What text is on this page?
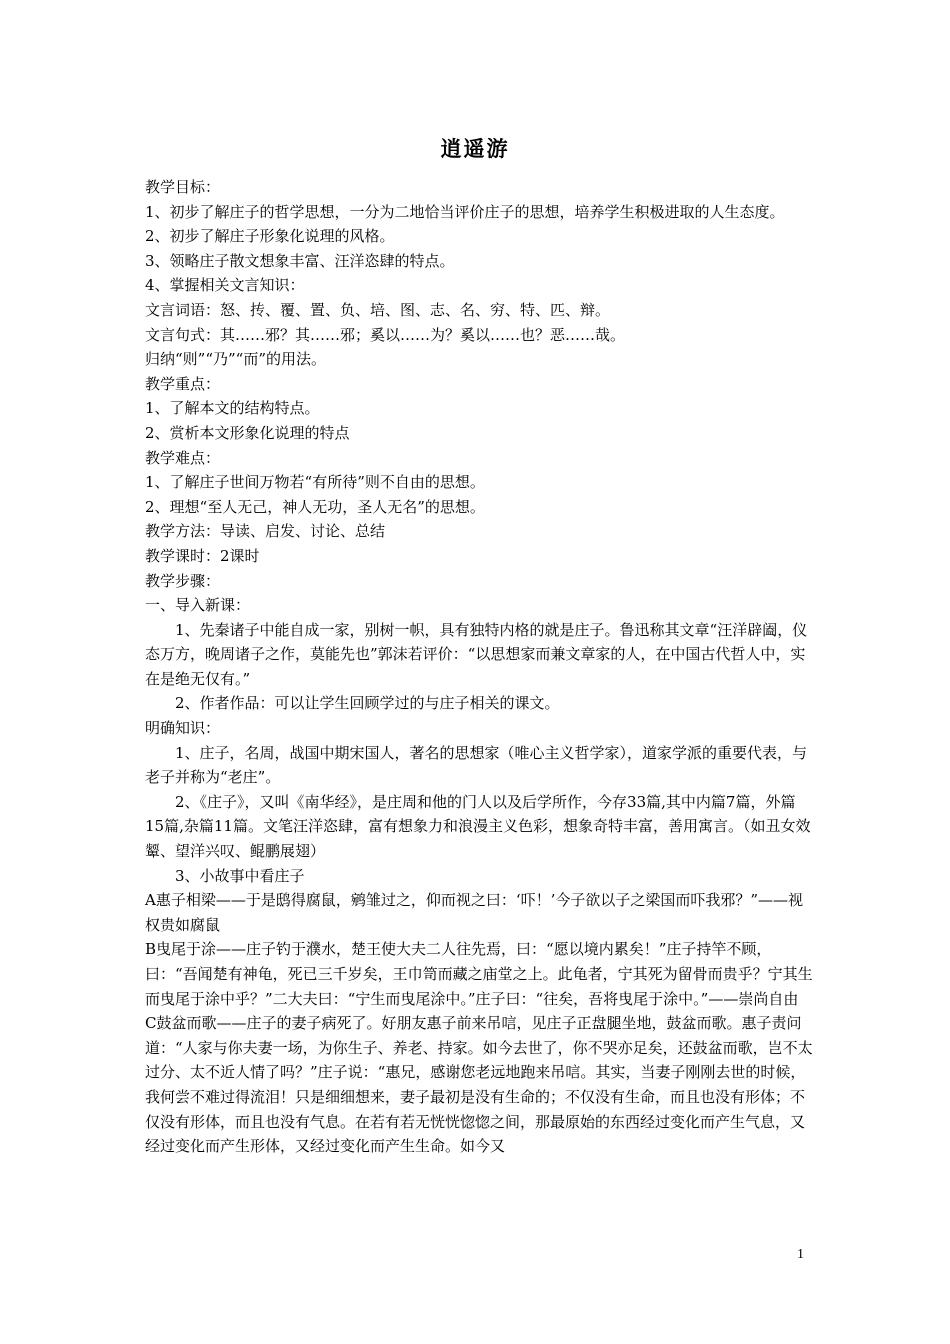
逍遥游

教学目标：

1、初步了解庄子的哲学思想，一分为二地恰当评价庄子的思想，培养学生积极进取的人生态度。

2、初步了解庄子形象化说理的风格。

3、领略庄子散文想象丰富、汪洋恣肆的特点。

4、掌握相关文言知识：

文言词语：怒、抟、覆、置、负、培、图、志、名、穷、特、匹、辩。

文言句式：其……邪？其……邪；奚以……为？奚以……也？恶……哉。

归纳“则”“乃”“而”的用法。

教学重点：

1、了解本文的结构特点。

2、赏析本文形象化说理的特点

教学难点：

1、了解庄子世间万物若“有所待”则不自由的思想。

2、理想“至人无己，神人无功，圣人无名”的思想。

教学方法：导读、启发、讨论、总结

教学课时：2课时

教学步骤：

一、导入新课：

1、先秦诸子中能自成一家，别树一帜，具有独特内格的就是庄子。鲁迅称其文章“汪洋辟阖，仪态万方，晚周诸子之作，莫能先也”郭沫若评价：“以思想家而兼文章家的人，在中国古代哲人中，实在是绝无仅有。”

2、作者作品：可以让学生回顾学过的与庄子相关的课文。

明确知识：

1、庄子，名周，战国中期宋国人，著名的思想家（唯心主义哲学家），道家学派的重要代表，与老子并称为“老庄”。

2、《庄子》，又叫《南华经》，是庄周和他的门人以及后学所作，今存33篇,其中内篇7篇，外篇15篇,杂篇11篇。文笔汪洋恣肆，富有想象力和浪漫主义色彩，想象奇特丰富，善用寓言。（如丑女效颦、望洋兴叹、鲲鹏展翅）

3、小故事中看庄子

A惠子相梁——于是鸱得腐鼠，鹓雏过之，仰而视之曰：‘吓！’今子欲以子之梁国而吓我邪？”——视权贵如腐鼠

B曳尾于涂——庄子钓于濮水，楚王使大夫二人往先焉，曰：“愿以境内累矣！”庄子持竿不顾，曰：“吾闻楚有神龟，死已三千岁矣，王巾笥而藏之庙堂之上。此龟者，宁其死为留骨而贵乎？宁其生而曳尾于涂中乎？”二大夫曰：“宁生而曳尾涂中。”庄子曰：“往矣，吾将曳尾于涂中。”——崇尚自由

C鼓盆而歌——庄子的妻子病死了。好朋友惠子前来吊唁，见庄子正盘腿坐地，鼓盆而歌。惠子责问道：“人家与你夫妻一场，为你生子、养老、持家。如今去世了，你不哭亦足矣，还鼓盆而歌，岂不太过分、太不近人情了吗？”庄子说：“惠兄，感谢您老远地跑来吊唁。其实，当妻子刚刚去世的时候，我何尝不难过得流泪！只是细细想来，妻子最初是没有生命的；不仅没有生命，而且也没有形体；不仅没有形体，而且也没有气息。在若有若无恍恍惚惚之间，那最原始的东西经过变化而产生气息，又经过变化而产生形体，又经过变化而产生生命。如今又

1
